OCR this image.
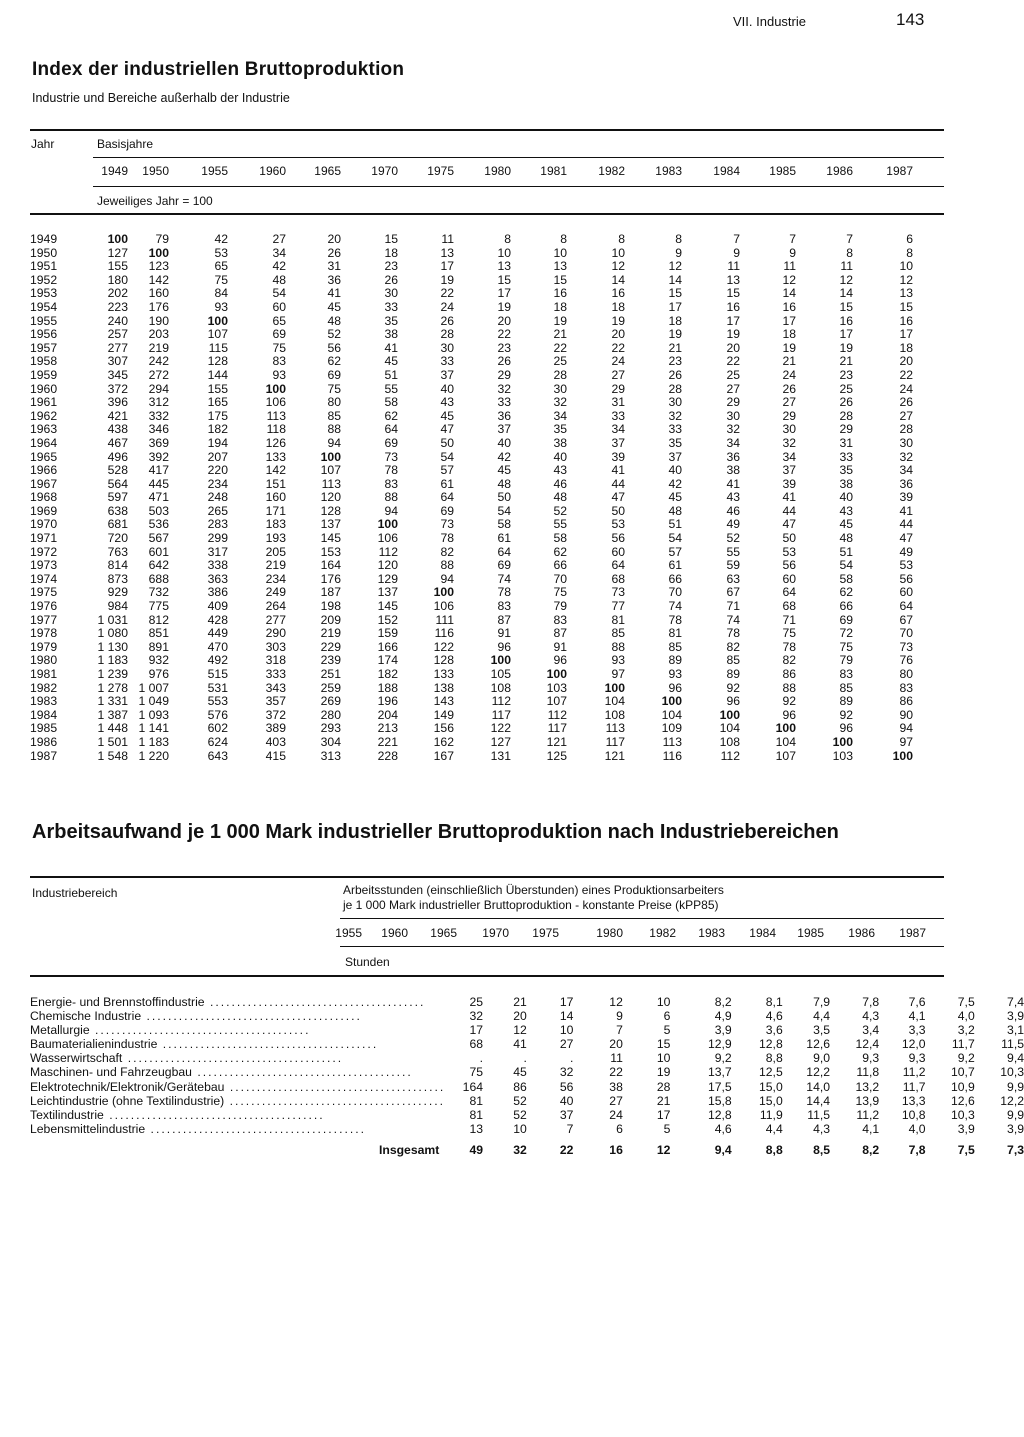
VII. Industrie	143
Index der industriellen Bruttoproduktion
Industrie und Bereiche außerhalb der Industrie
Jahr	Basisjahre
1949	1950	1955	1960	1965	1970	1975	1980	1981	1982	1983	1984	1985	1986	1987
Jeweiliges Jahr = 100
1949	100	79	42	27	20	15	11	8	8	8	8	7	7	7	6
1950	127	100	53	34	26	18	13	10	10	10	9	9	9	8	8
1951	155	123	65	42	31	23	17	13	13	12	12	11	11	11	10
1952	180	142	75	48	36	26	19	15	15	14	14	13	12	12	12
1953	202	160	84	54	41	30	22	17	16	16	15	15	14	14	13
1954	223	176	93	60	45	33	24	19	18	18	17	16	16	15	15
1955	240	190	100	65	48	35	26	20	19	19	18	17	17	16	16
1956	257	203	107	69	52	38	28	22	21	20	19	19	18	17	17
1957	277	219	115	75	56	41	30	23	22	22	21	20	19	19	18
1958	307	242	128	83	62	45	33	26	25	24	23	22	21	21	20
1959	345	272	144	93	69	51	37	29	28	27	26	25	24	23	22
1960	372	294	155	100	75	55	40	32	30	29	28	27	26	25	24
1961	396	312	165	106	80	58	43	33	32	31	30	29	27	26	26
1962	421	332	175	113	85	62	45	36	34	33	32	30	29	28	27
1963	438	346	182	118	88	64	47	37	35	34	33	32	30	29	28
1964	467	369	194	126	94	69	50	40	38	37	35	34	32	31	30
1965	496	392	207	133	100	73	54	42	40	39	37	36	34	33	32
1966	528	417	220	142	107	78	57	45	43	41	40	38	37	35	34
1967	564	445	234	151	113	83	61	48	46	44	42	41	39	38	36
1968	597	471	248	160	120	88	64	50	48	47	45	43	41	40	39
1969	638	503	265	171	128	94	69	54	52	50	48	46	44	43	41
1970	681	536	283	183	137	100	73	58	55	53	51	49	47	45	44
1971	720	567	299	193	145	106	78	61	58	56	54	52	50	48	47
1972	763	601	317	205	153	112	82	64	62	60	57	55	53	51	49
1973	814	642	338	219	164	120	88	69	66	64	61	59	56	54	53
1974	873	688	363	234	176	129	94	74	70	68	66	63	60	58	56
1975	929	732	386	249	187	137	100	78	75	73	70	67	64	62	60
1976	984	775	409	264	198	145	106	83	79	77	74	71	68	66	64
1977	1 031	812	428	277	209	152	111	87	83	81	78	74	71	69	67
1978	1 080	851	449	290	219	159	116	91	87	85	81	78	75	72	70
1979	1 130	891	470	303	229	166	122	96	91	88	85	82	78	75	73
1980	1 183	932	492	318	239	174	128	100	96	93	89	85	82	79	76
1981	1 239	976	515	333	251	182	133	105	100	97	93	89	86	83	80
1982	1 278	1 007	531	343	259	188	138	108	103	100	96	92	88	85	83
1983	1 331	1 049	553	357	269	196	143	112	107	104	100	96	92	89	86
1984	1 387	1 093	576	372	280	204	149	117	112	108	104	100	96	92	90
1985	1 448	1 141	602	389	293	213	156	122	117	113	109	104	100	96	94
1986	1 501	1 183	624	403	304	221	162	127	121	117	113	108	104	100	97
1987	1 548	1 220	643	415	313	228	167	131	125	121	116	112	107	103	100
Arbeitsaufwand je 1 000 Mark industrieller Bruttoproduktion nach Industriebereichen
Industriebereich	Arbeitsstunden (einschließlich Überstunden) eines Produktionsarbeiters
je 1 000 Mark industrieller Bruttoproduktion - konstante Preise (kPP85)
1955	1960	1965	1970	1975	1980	1982	1983	1984	1985	1986	1987
Stunden
Energie- und Brennstoffindustrie ........................................	25	21	17	12	10	8,2	8,1	7,9	7,8	7,6	7,5	7,4
Chemische Industrie ........................................	32	20	14	9	6	4,9	4,6	4,4	4,3	4,1	4,0	3,9
Metallurgie ........................................	17	12	10	7	5	3,9	3,6	3,5	3,4	3,3	3,2	3,1
Baumaterialienindustrie ........................................	68	41	27	20	15	12,9	12,8	12,6	12,4	12,0	11,7	11,5
Wasserwirtschaft ........................................	.	.	.	11	10	9,2	8,8	9,0	9,3	9,3	9,2	9,4
Maschinen- und Fahrzeugbau ........................................	75	45	32	22	19	13,7	12,5	12,2	11,8	11,2	10,7	10,3
Elektrotechnik/Elektronik/Gerätebau ........................................	164	86	56	38	28	17,5	15,0	14,0	13,2	11,7	10,9	9,9
Leichtindustrie (ohne Textilindustrie) ........................................	81	52	40	27	21	15,8	15,0	14,4	13,9	13,3	12,6	12,2
Textilindustrie ........................................	81	52	37	24	17	12,8	11,9	11,5	11,2	10,8	10,3	9,9
Lebensmittelindustrie ........................................	13	10	7	6	5	4,6	4,4	4,3	4,1	4,0	3,9	3,9
Insgesamt	49	32	22	16	12	9,4	8,8	8,5	8,2	7,8	7,5	7,3
